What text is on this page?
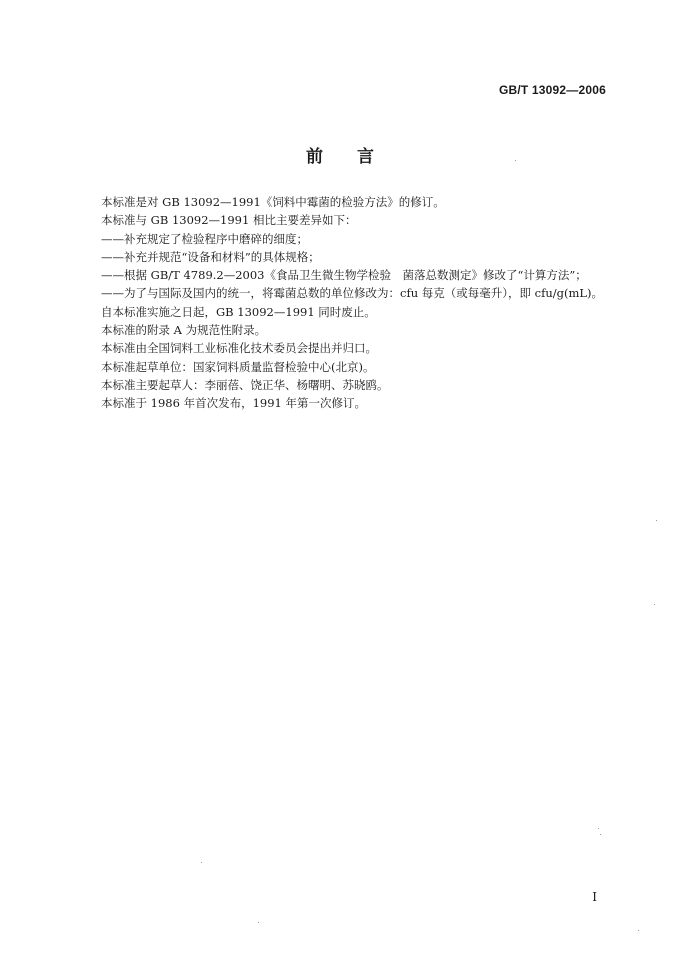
GB/T 13092—2006
前 言
本标准是对 GB 13092—1991《饲料中霉菌的检验方法》的修订。
本标准与 GB 13092—1991 相比主要差异如下：
——补充规定了检验程序中磨碎的细度；
——补充并规范“设备和材料”的具体规格；
——根据 GB/T 4789.2—2003《食品卫生微生物学检验　菌落总数测定》修改了“计算方法”；
——为了与国际及国内的统一，将霉菌总数的单位修改为：cfu 每克（或每毫升），即 cfu/g(mL)。
自本标准实施之日起，GB 13092—1991 同时废止。
本标准的附录 A 为规范性附录。
本标准由全国饲料工业标准化技术委员会提出并归口。
本标准起草单位：国家饲料质量监督检验中心(北京)。
本标准主要起草人：李丽蓓、饶正华、杨曙明、苏晓鸥。
本标准于 1986 年首次发布，1991 年第一次修订。
I
